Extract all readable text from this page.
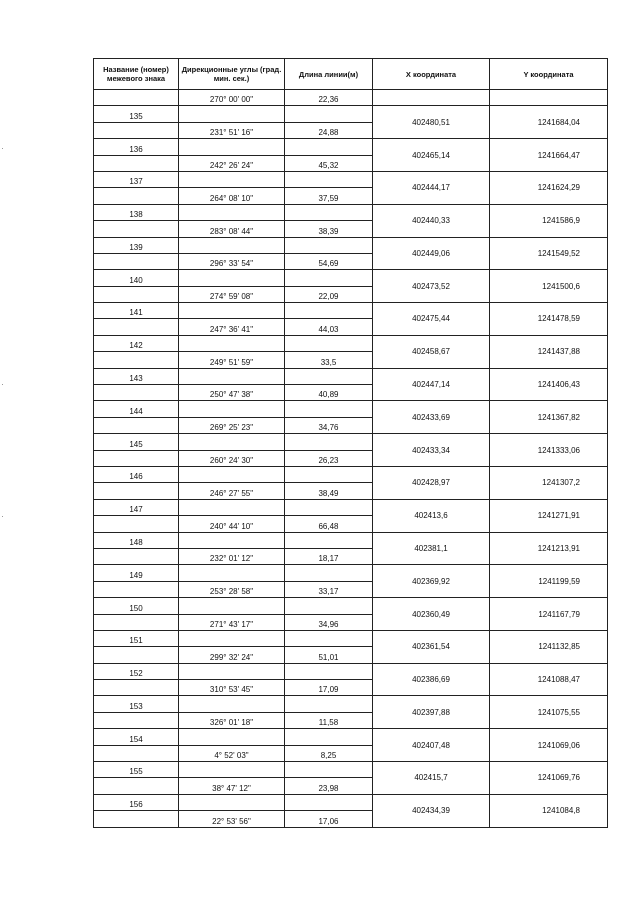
Название (номер) межевого знака	Дирекционные углы (град. мин. сек.)	Длина линии(м)	X координата	Y координата
	270° 00' 00"	22,36		
135			402480,51	1241684,04
	231° 51' 16"	24,88		
136			402465,14	1241664,47
	242° 26' 24"	45,32		
137			402444,17	1241624,29
	264° 08' 10"	37,59		
138			402440,33	1241586,9
	283° 08' 44"	38,39		
139			402449,06	1241549,52
	296° 33' 54"	54,69		
140			402473,52	1241500,6
	274° 59' 08"	22,09		
141			402475,44	1241478,59
	247° 36' 41"	44,03		
142			402458,67	1241437,88
	249° 51' 59"	33,5		
143			402447,14	1241406,43
	250° 47' 38"	40,89		
144			402433,69	1241367,82
	269° 25' 23"	34,76		
145			402433,34	1241333,06
	260° 24' 30"	26,23		
146			402428,97	1241307,2
	246° 27' 55"	38,49		
147			402413,6	1241271,91
	240° 44' 10"	66,48		
148			402381,1	1241213,91
	232° 01' 12"	18,17		
149			402369,92	1241199,59
	253° 28' 58"	33,17		
150			402360,49	1241167,79
	271° 43' 17"	34,96		
151			402361,54	1241132,85
	299° 32' 24"	51,01		
152			402386,69	1241088,47
	310° 53' 45"	17,09		
153			402397,88	1241075,55
	326° 01' 18"	11,58		
154			402407,48	1241069,06
	4° 52' 03"	8,25		
155			402415,7	1241069,76
	38° 47' 12"	23,98		
156			402434,39	1241084,8
	22° 53' 56"	17,06		
